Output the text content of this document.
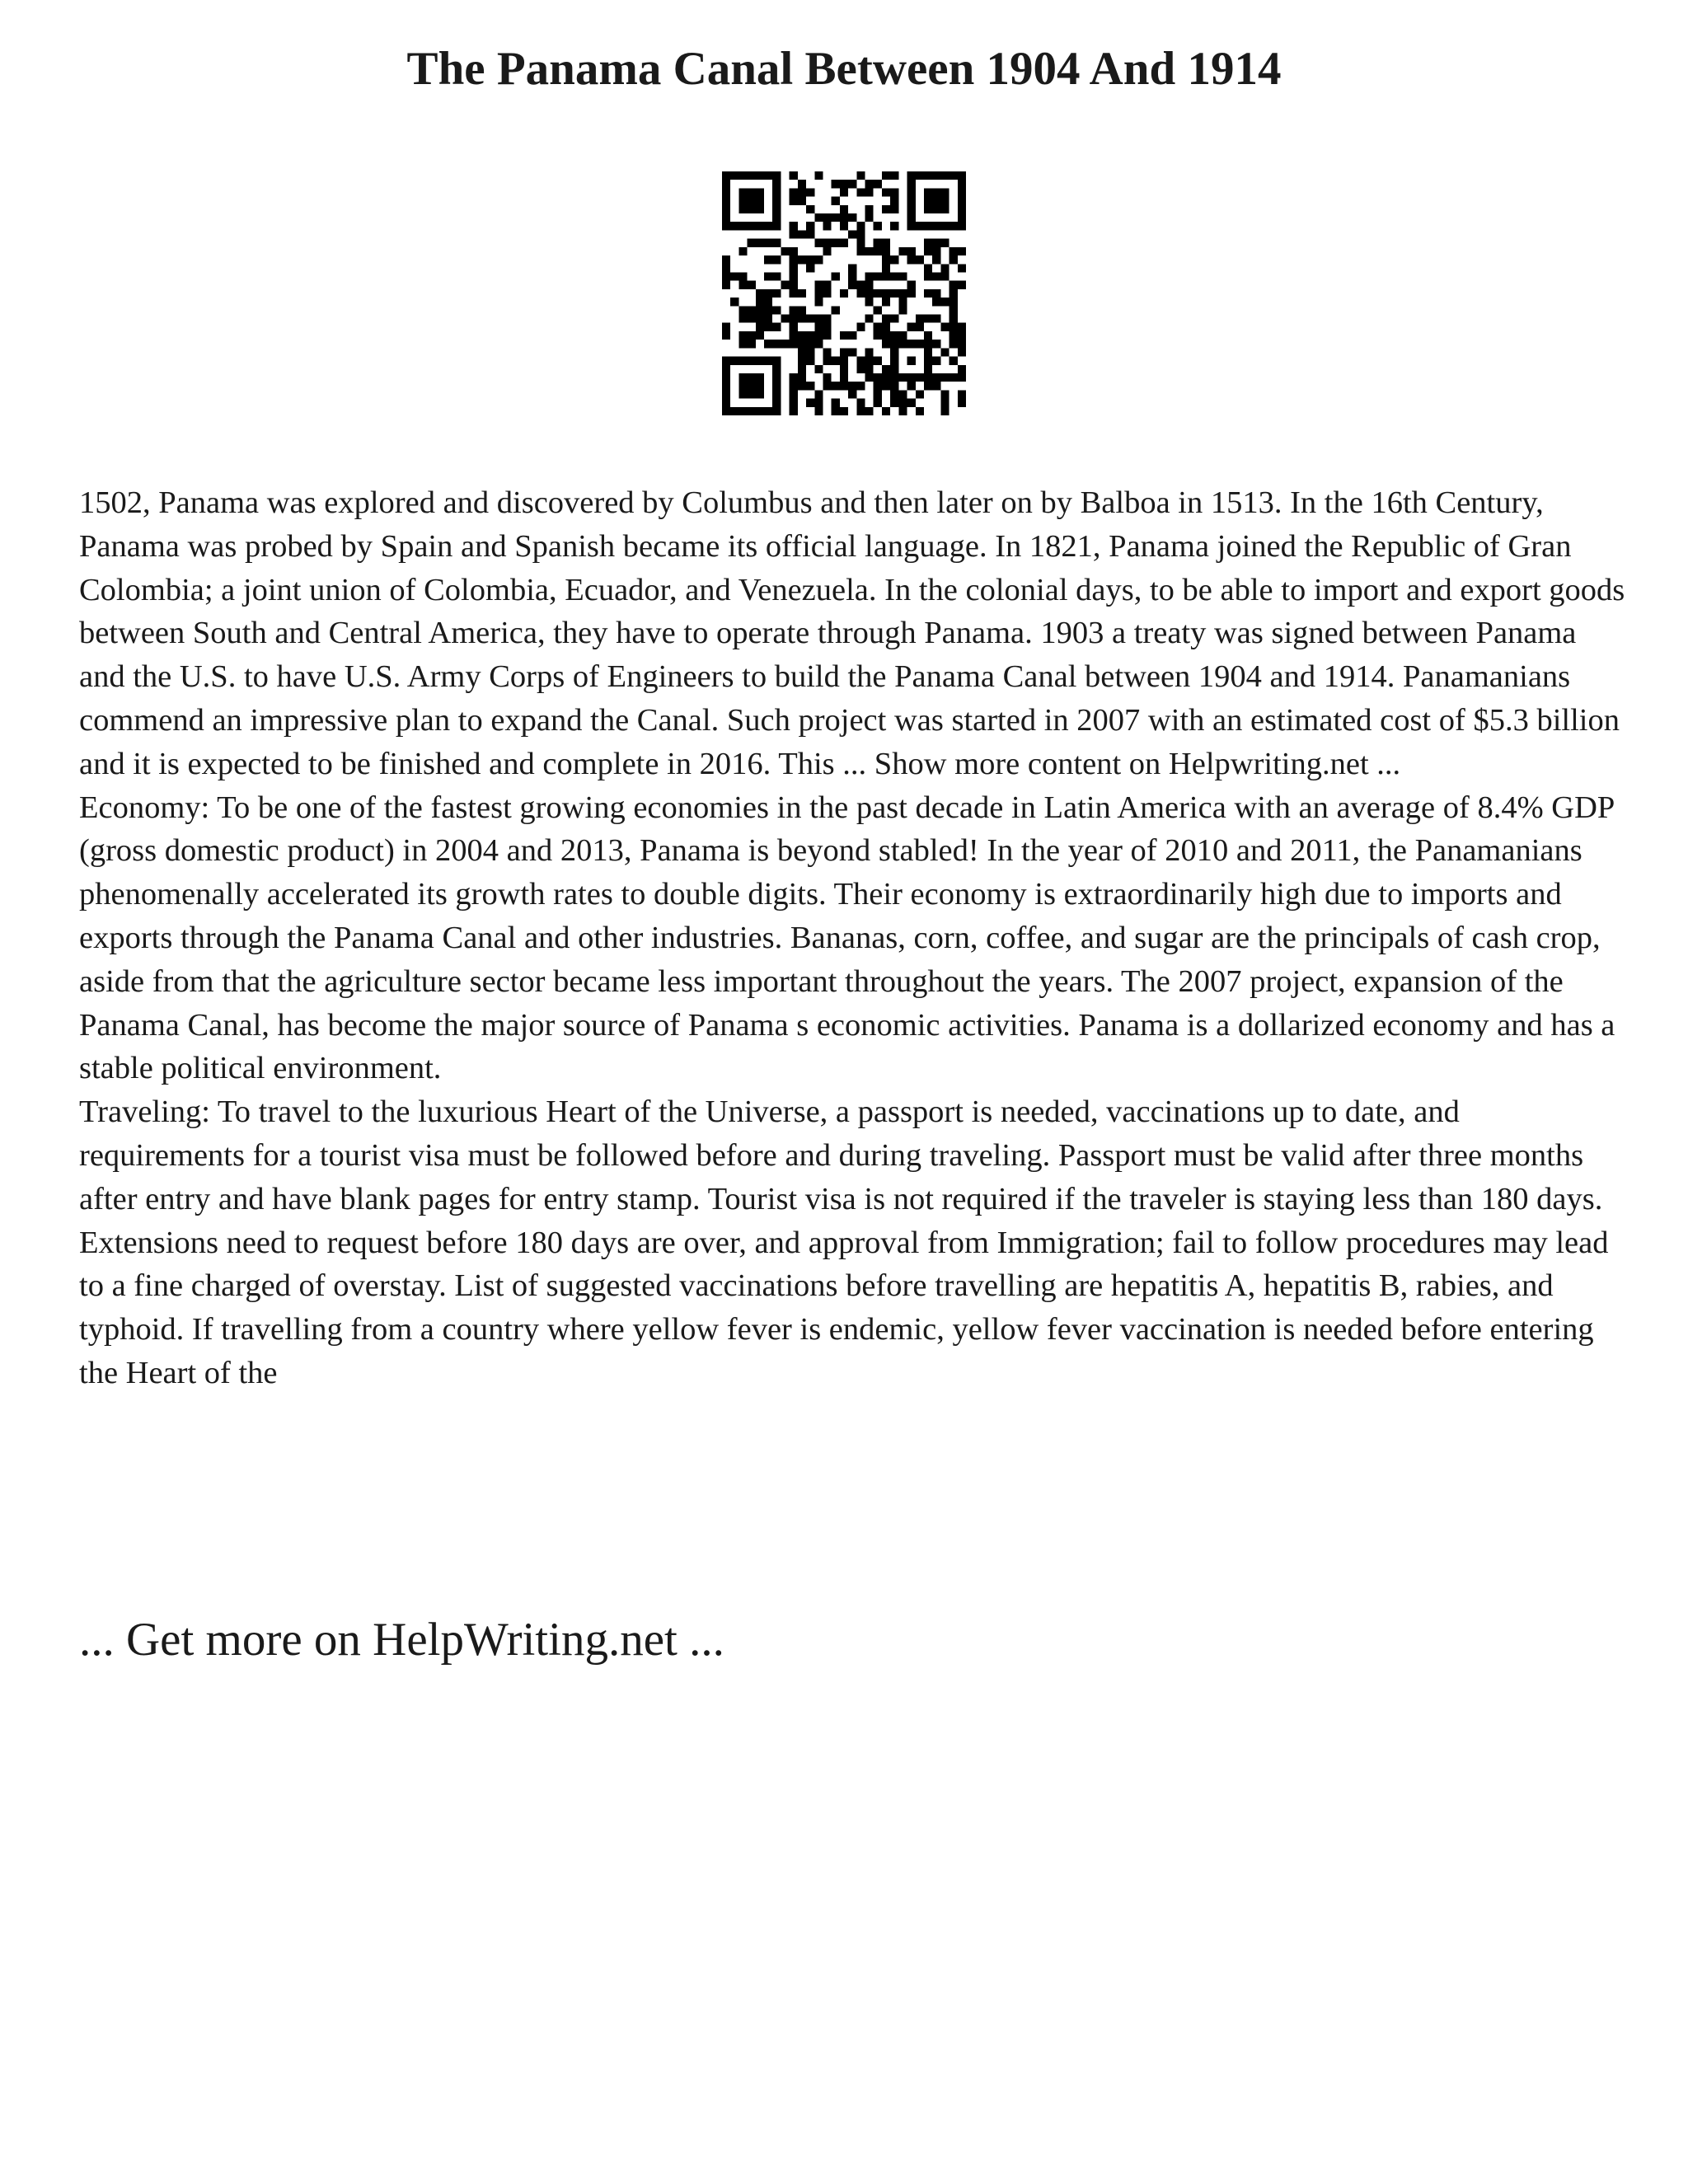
The Panama Canal Between 1904 And 1914

1502, Panama was explored and discovered by Columbus and then later on by Balboa in 1513. In the 16th Century, Panama was probed by Spain and Spanish became its official language. In 1821, Panama joined the Republic of Gran Colombia; a joint union of Colombia, Ecuador, and Venezuela. In the colonial days, to be able to import and export goods between South and Central America, they have to operate through Panama. 1903 a treaty was signed between Panama and the U.S. to have U.S. Army Corps of Engineers to build the Panama Canal between 1904 and 1914. Panamanians commend an impressive plan to expand the Canal. Such project was started in 2007 with an estimated cost of $5.3 billion and it is expected to be finished and complete in 2016. This ... Show more content on Helpwriting.net ...

Economy: To be one of the fastest growing economies in the past decade in Latin America with an average of 8.4% GDP (gross domestic product) in 2004 and 2013, Panama is beyond stabled! In the year of 2010 and 2011, the Panamanians phenomenally accelerated its growth rates to double digits. Their economy is extraordinarily high due to imports and exports through the Panama Canal and other industries. Bananas, corn, coffee, and sugar are the principals of cash crop, aside from that the agriculture sector became less important throughout the years. The 2007 project, expansion of the Panama Canal, has become the major source of Panama s economic activities. Panama is a dollarized economy and has a stable political environment.

Traveling: To travel to the luxurious Heart of the Universe, a passport is needed, vaccinations up to date, and requirements for a tourist visa must be followed before and during traveling. Passport must be valid after three months after entry and have blank pages for entry stamp. Tourist visa is not required if the traveler is staying less than 180 days. Extensions need to request before 180 days are over, and approval from Immigration; fail to follow procedures may lead to a fine charged of overstay. List of suggested vaccinations before travelling are hepatitis A, hepatitis B, rabies, and typhoid. If travelling from a country where yellow fever is endemic, yellow fever vaccination is needed before entering the Heart of the

... Get more on HelpWriting.net ...
